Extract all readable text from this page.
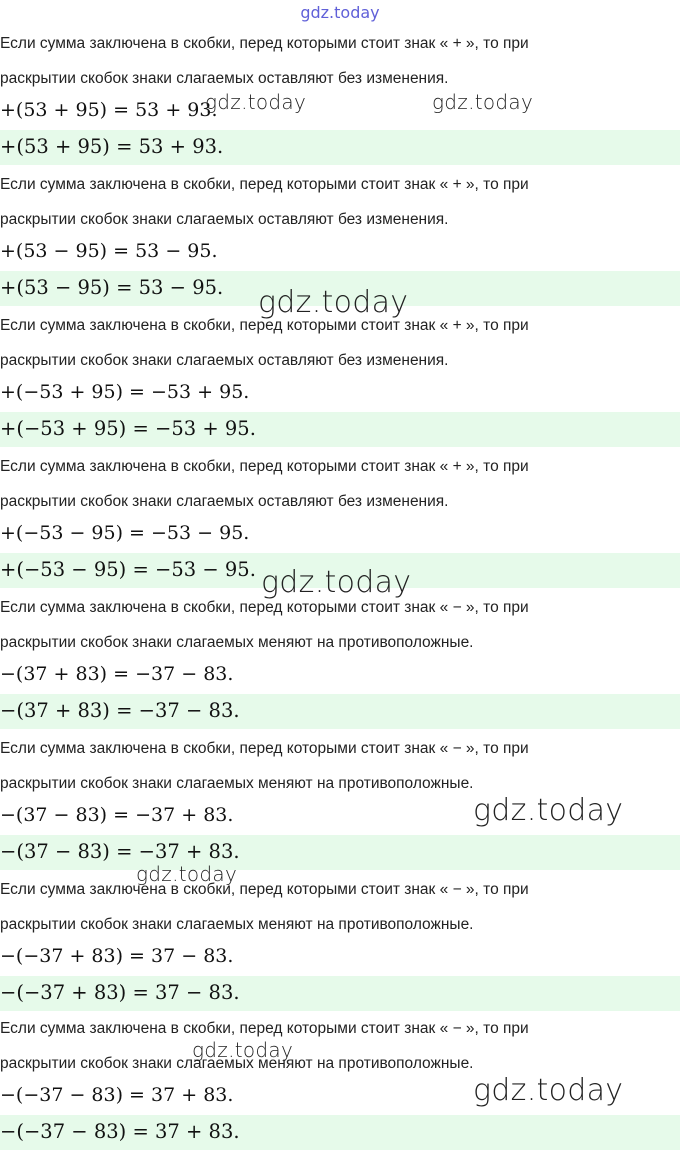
gdz.today
Если сумма заключена в скобки, перед которыми стоит знак « + », то при
раскрытии скобок знаки слагаемых оставляют без изменения.
+(53 + 95) = 53 + 93.
+(53 + 95) = 53 + 93.
Если сумма заключена в скобки, перед которыми стоит знак « + », то при
раскрытии скобок знаки слагаемых оставляют без изменения.
+(53 − 95) = 53 − 95.
+(53 − 95) = 53 − 95.
Если сумма заключена в скобки, перед которыми стоит знак « + », то при
раскрытии скобок знаки слагаемых оставляют без изменения.
+(−53 + 95) = −53 + 95.
+(−53 + 95) = −53 + 95.
Если сумма заключена в скобки, перед которыми стоит знак « + », то при
раскрытии скобок знаки слагаемых оставляют без изменения.
+(−53 − 95) = −53 − 95.
+(−53 − 95) = −53 − 95.
Если сумма заключена в скобки, перед которыми стоит знак « − », то при
раскрытии скобок знаки слагаемых меняют на противоположные.
−(37 + 83) = −37 − 83.
−(37 + 83) = −37 − 83.
Если сумма заключена в скобки, перед которыми стоит знак « − », то при
раскрытии скобок знаки слагаемых меняют на противоположные.
−(37 − 83) = −37 + 83.
−(37 − 83) = −37 + 83.
Если сумма заключена в скобки, перед которыми стоит знак « − », то при
раскрытии скобок знаки слагаемых меняют на противоположные.
−(−37 + 83) = 37 − 83.
−(−37 + 83) = 37 − 83.
Если сумма заключена в скобки, перед которыми стоит знак « − », то при
раскрытии скобок знаки слагаемых меняют на противоположные.
−(−37 − 83) = 37 + 83.
−(−37 − 83) = 37 + 83.
gdz.today	gdz.today
gdz.today
gdz.today
gdz.today
gdz.today
gdz.today
gdz.today
